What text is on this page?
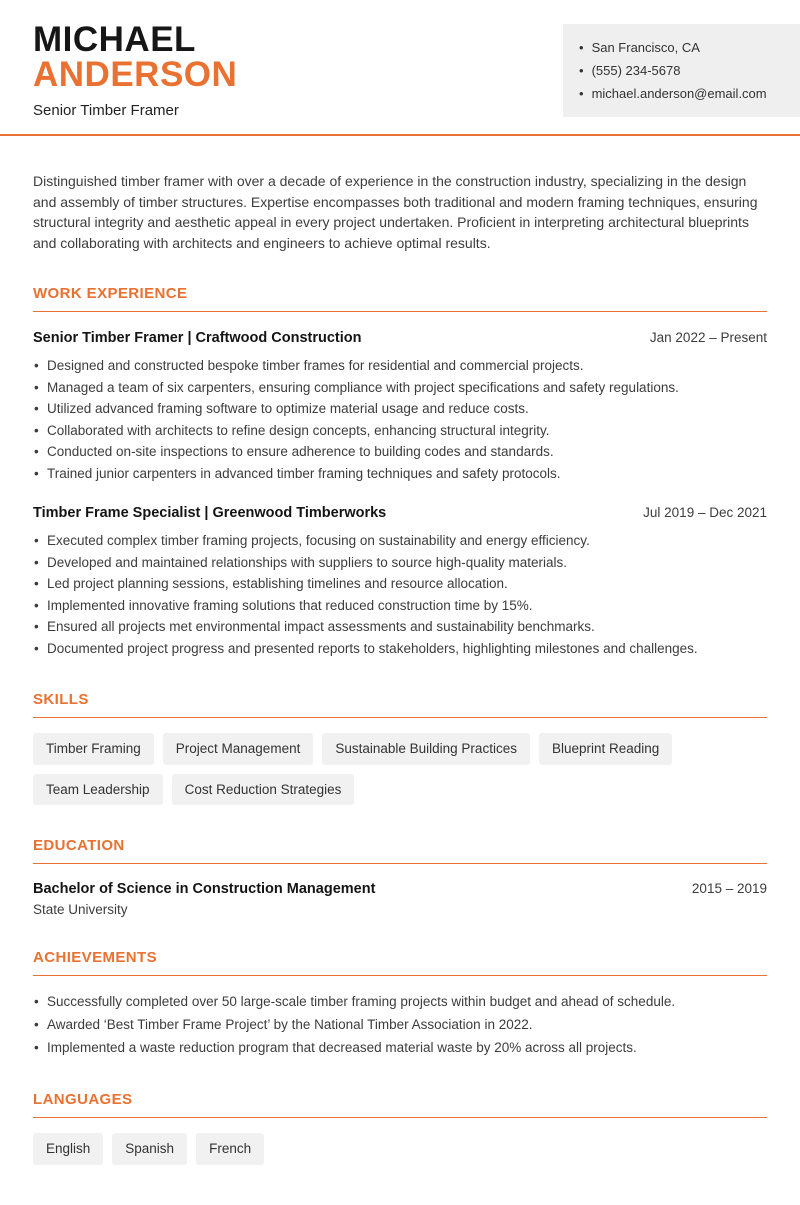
MICHAEL
ANDERSON
Senior Timber Framer
• San Francisco, CA
• (555) 234-5678
• michael.anderson@email.com

Distinguished timber framer with over a decade of experience in the construction industry, specializing in the design and assembly of timber structures. Expertise encompasses both traditional and modern framing techniques, ensuring structural integrity and aesthetic appeal in every project undertaken. Proficient in interpreting architectural blueprints and collaborating with architects and engineers to achieve optimal results.

WORK EXPERIENCE
Senior Timber Framer | Craftwood Construction	Jan 2022 – Present
• Designed and constructed bespoke timber frames for residential and commercial projects.
• Managed a team of six carpenters, ensuring compliance with project specifications and safety regulations.
• Utilized advanced framing software to optimize material usage and reduce costs.
• Collaborated with architects to refine design concepts, enhancing structural integrity.
• Conducted on-site inspections to ensure adherence to building codes and standards.
• Trained junior carpenters in advanced timber framing techniques and safety protocols.
Timber Frame Specialist | Greenwood Timberworks	Jul 2019 – Dec 2021
• Executed complex timber framing projects, focusing on sustainability and energy efficiency.
• Developed and maintained relationships with suppliers to source high-quality materials.
• Led project planning sessions, establishing timelines and resource allocation.
• Implemented innovative framing solutions that reduced construction time by 15%.
• Ensured all projects met environmental impact assessments and sustainability benchmarks.
• Documented project progress and presented reports to stakeholders, highlighting milestones and challenges.
SKILLS
Timber Framing	Project Management	Sustainable Building Practices	Blueprint Reading
Team Leadership	Cost Reduction Strategies
EDUCATION
Bachelor of Science in Construction Management	2015 – 2019
State University
ACHIEVEMENTS
• Successfully completed over 50 large-scale timber framing projects within budget and ahead of schedule.
• Awarded ‘Best Timber Frame Project’ by the National Timber Association in 2022.
• Implemented a waste reduction program that decreased material waste by 20% across all projects.
LANGUAGES
English	Spanish	French
